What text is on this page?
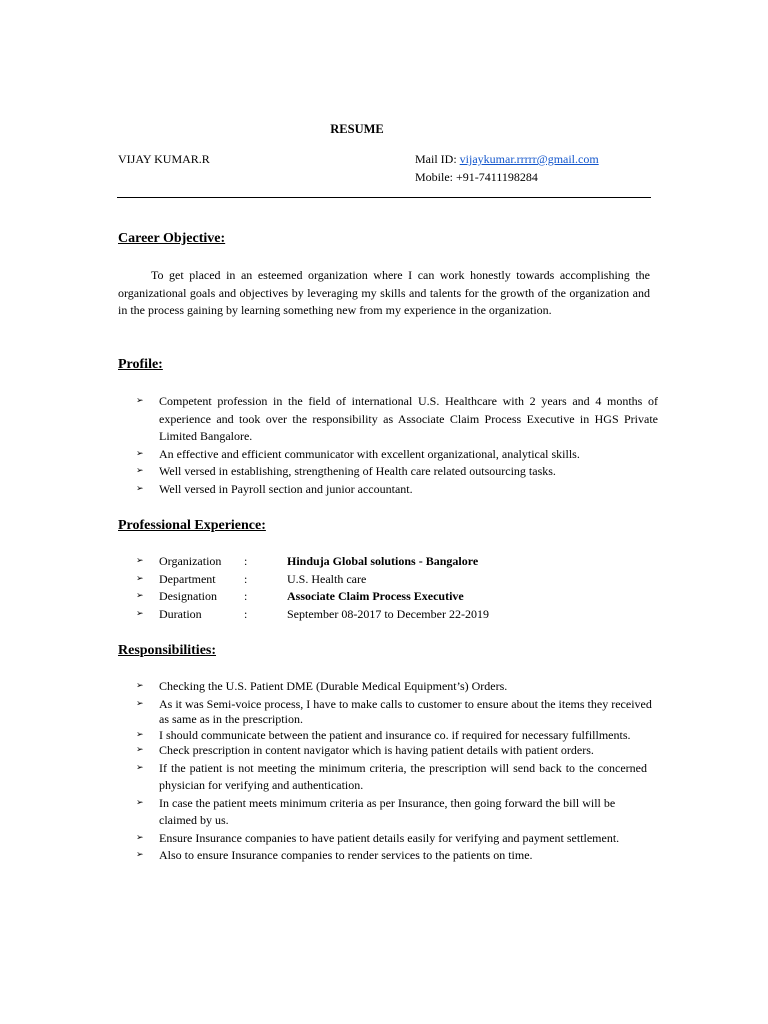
RESUME
VIJAY KUMAR.R	Mail ID: vijaykumar.rrrrr@gmail.com
Mobile: +91-7411198284
Career Objective:
To get placed in an esteemed organization where I can work honestly towards accomplishing the organizational goals and objectives by leveraging my skills and talents for the growth of the organization and in the process gaining by learning something new from my experience in the organization.
Profile:
➢ Competent profession in the field of international U.S. Healthcare with 2 years and 4 months of experience and took over the responsibility as Associate Claim Process Executive in HGS Private Limited Bangalore.
➢ An effective and efficient communicator with excellent organizational, analytical skills.
➢ Well versed in establishing, strengthening of Health care related outsourcing tasks.
➢ Well versed in Payroll section and junior accountant.
Professional Experience:
➢ Organization :	Hinduja Global solutions - Bangalore
➢ Department :	U.S. Health care
➢ Designation :	Associate Claim Process Executive
➢ Duration	:	September 08-2017 to December 22-2019
Responsibilities:
➢ Checking the U.S. Patient DME (Durable Medical Equipment’s) Orders.
➢ As it was Semi-voice process, I have to make calls to customer to ensure about the items they received as same as in the prescription.
➢ I should communicate between the patient and insurance co. if required for necessary fulfillments.
➢ Check prescription in content navigator which is having patient details with patient orders.
➢ If the patient is not meeting the minimum criteria, the prescription will send back to the concerned physician for verifying and authentication.
➢ In case the patient meets minimum criteria as per Insurance, then going forward the bill will be claimed by us.
➢ Ensure Insurance companies to have patient details easily for verifying and payment settlement.
➢ Also to ensure Insurance companies to render services to the patients on time.
